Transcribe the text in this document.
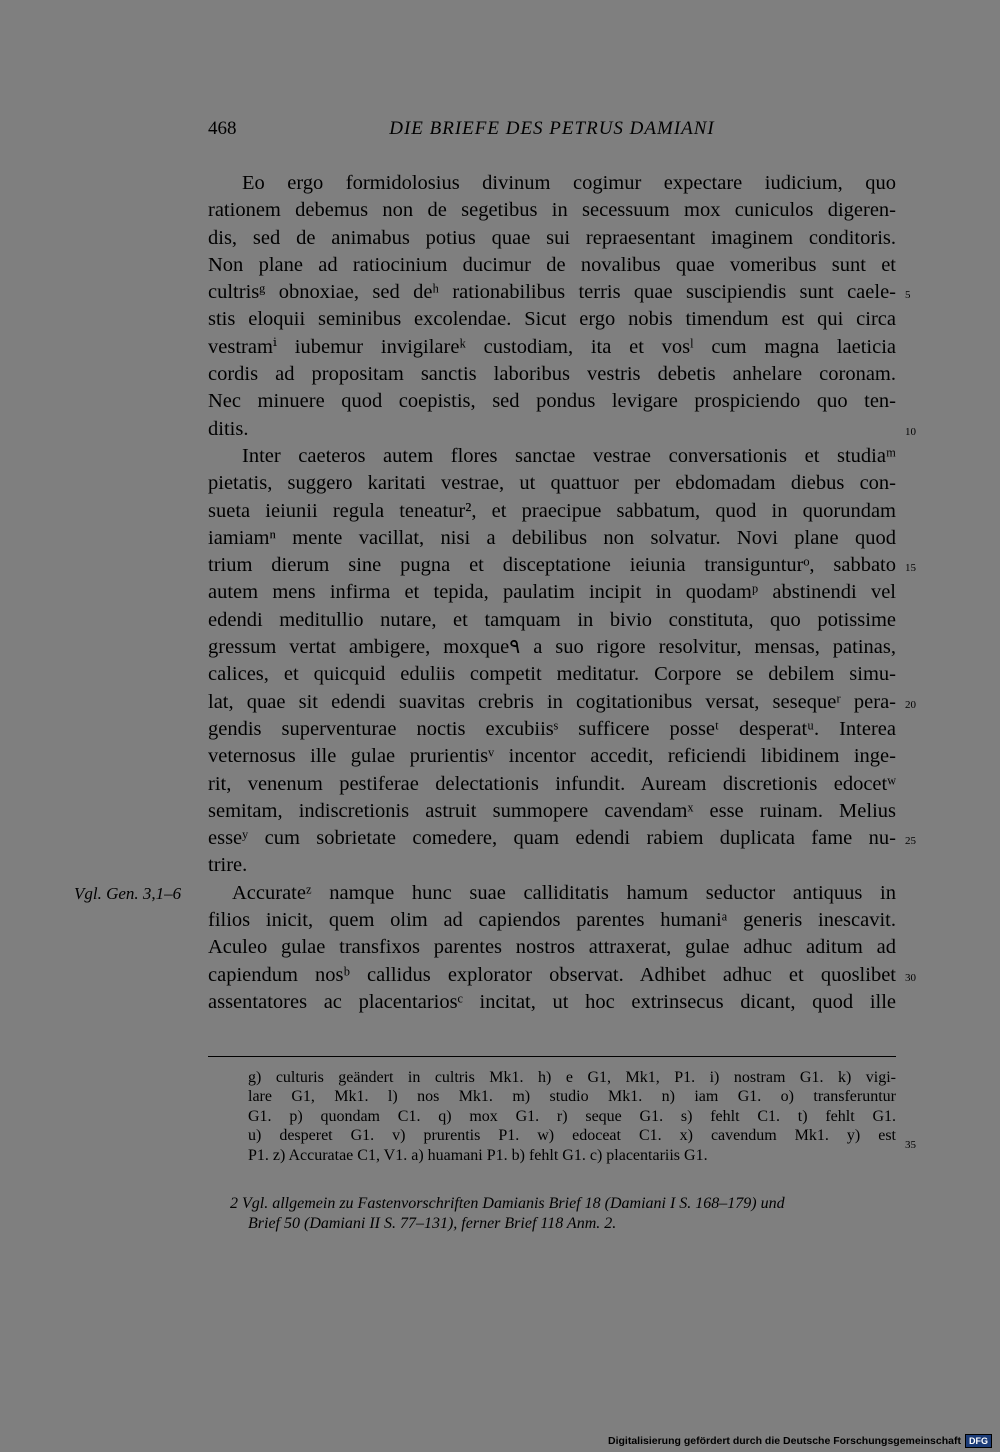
468	DIE BRIEFE DES PETRUS DAMIANI
Eo ergo formidolosius divinum cogimur expectare iudicium, quo
rationem debemus non de segetibus in secessuum mox cuniculos digeren-
dis, sed de animabus potius quae sui repraesentant imaginem conditoris.
Non plane ad ratiocinium ducimur de novalibus quae vomeribus sunt et
cultrisᵍ obnoxiae, sed deʰ rationabilibus terris quae suscipiendis sunt caele-
stis eloquii seminibus excolendae. Sicut ergo nobis timendum est qui circa
vestramⁱ iubemur invigilareᵏ custodiam, ita et vosˡ cum magna laeticia
cordis ad propositam sanctis laboribus vestris debetis anhelare coronam.
Nec minuere quod coepistis, sed pondus levigare prospiciendo quo ten-
ditis.
Inter caeteros autem flores sanctae vestrae conversationis et studiaᵐ
pietatis, suggero karitati vestrae, ut quattuor per ebdomadam diebus con-
sueta ieiunii regula teneatur², et praecipue sabbatum, quod in quorundam
iamiamⁿ mente vacillat, nisi a debilibus non solvatur. Novi plane quod
trium dierum sine pugna et disceptatione ieiunia transigunturᵒ, sabbato
autem mens infirma et tepida, paulatim incipit in quodamᵖ abstinendi vel
edendi meditullio nutare, et tamquam in bivio constituta, quo potissime
gressum vertat ambigere, moxque۹ a suo rigore resolvitur, mensas, patinas,
calices, et quicquid eduliis competit meditatur. Corpore se debilem simu-
lat, quae sit edendi suavitas crebris in cogitationibus versat, sesequeʳ pera-
gendis superventurae noctis excubiisˢ sufficere posseᵗ desperatᵘ. Interea
veternosus ille gulae prurientisᵛ incentor accedit, reficiendi libidinem inge-
rit, venenum pestiferae delectationis infundit. Auream discretionis edocetʷ
semitam, indiscretionis astruit summopere cavendamˣ esse ruinam. Melius
esseʸ cum sobrietate comedere, quam edendi rabiem duplicata fame nu-
trire.
Accurateᶻ namque hunc suae calliditatis hamum seductor antiquus in
filios inicit, quem olim ad capiendos parentes humaniᵃ generis inescavit.
Aculeo gulae transfixos parentes nostros attraxerat, gulae adhuc aditum ad
capiendum nosᵇ callidus explorator observat. Adhibet adhuc et quoslibet
assentatores ac placentariosᶜ incitat, ut hoc extrinsecus dicant, quod ille
5
10
15
20
25
30
Vgl. Gen. 3,1–6
g) culturis geändert in cultris Mk1. h) e G1, Mk1, P1. i) nostram G1. k) vigi-
lare G1, Mk1. l) nos Mk1. m) studio Mk1. n) iam G1. o) transferuntur
G1. p) quondam C1. q) mox G1. r) seque G1. s) fehlt C1. t) fehlt G1.
u) desperet G1. v) prurentis P1. w) edoceat C1. x) cavendum Mk1. y) est
P1. z) Accuratae C1, V1. a) huamani P1. b) fehlt G1. c) placentariis G1.
35
2 Vgl. allgemein zu Fastenvorschriften Damianis Brief 18 (Damiani I S. 168–179) und
Brief 50 (Damiani II S. 77–131), ferner Brief 118 Anm. 2.
Digitalisierung gefördert durch die Deutsche Forschungsgemeinschaft DFG
